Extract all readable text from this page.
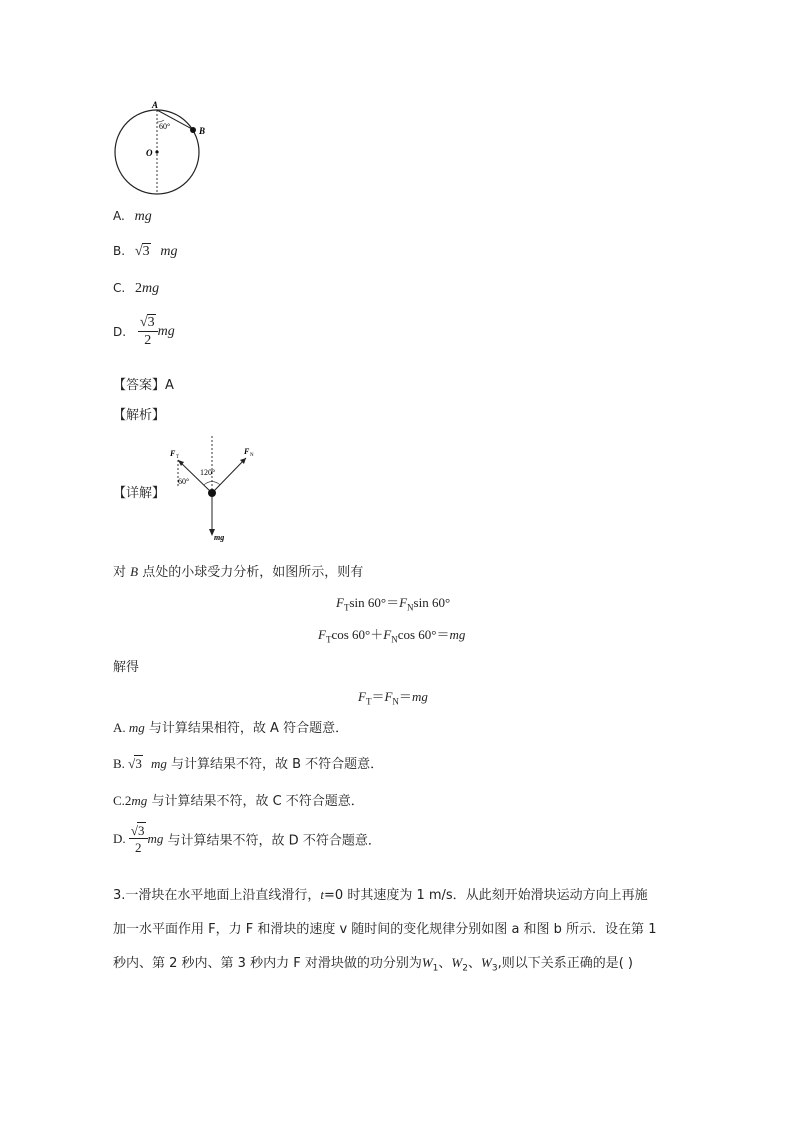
A
B
O
60°
A. mg
B. √3 mg
C. 2mg
D. $\frac{√3}{2}$ mg
【答案】A
【解析】
【详解】
F T
F N
120°
60°
mg
对 B 点处的小球受力分析，如图所示，则有
$F_T\sin$ $60^\circ=F_N\sin$ 60°
$F_T\cos$ $60^\circ+F_N\cos$ 60°＝mg
解得
$F_T=F_N=mg$
A. mg 与计算结果相符，故 A 符合题意．
B. √3 mg 与计算结果不符，故 B 不符合题意．
C.2mg 与计算结果不符，故 C 不符合题意．
D. $\frac{√3}{2}$ mg 与计算结果不符，故 D 不符合题意．
3.一滑块在水平地面上沿直线滑行，t=0 时其速度为 1 m/s．从此刻开始滑块运动方向上再施
加一水平面作用 F，力 F 和滑块的速度 v 随时间的变化规律分别如图 a 和图 b 所示．设在第 1
秒内、第 2 秒内、第 3 秒内力 F 对滑块做的功分别为$W_1$、$W_2$、$W_3$,则以下关系正确的是( )
